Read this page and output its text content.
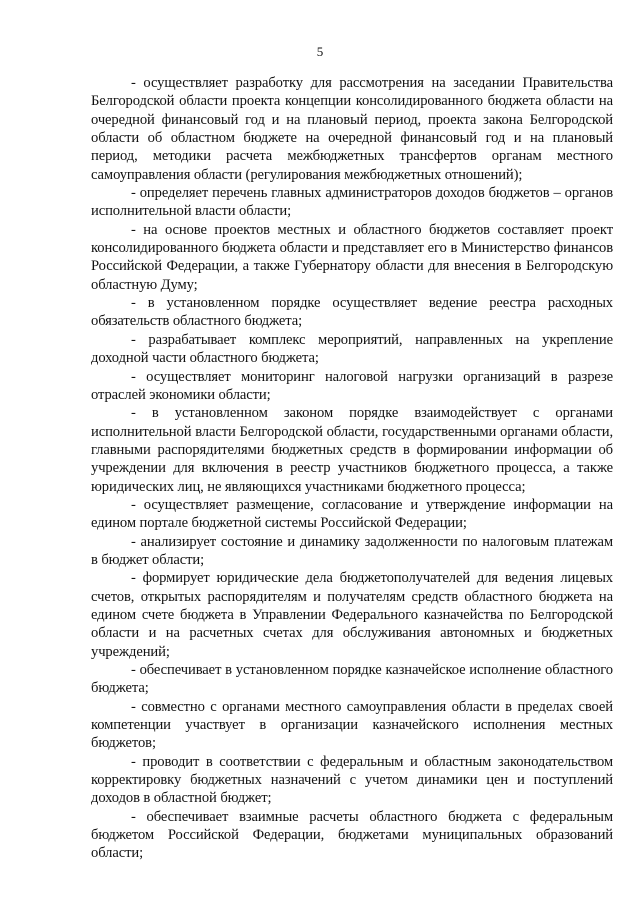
5

- осуществляет разработку для рассмотрения на заседании Правительства Белгородской области проекта концепции консолидированного бюджета области на очередной финансовый год и на плановый период, проекта закона Белгородской области об областном бюджете на очередной финансовый год и на плановый период, методики расчета межбюджетных трансфертов органам местного самоуправления области (регулирования межбюджетных отношений);

- определяет перечень главных администраторов доходов бюджетов – органов исполнительной власти области;

- на основе проектов местных и областного бюджетов составляет проект консолидированного бюджета области и представляет его в Министерство финансов Российской Федерации, а также Губернатору области для внесения в Белгородскую областную Думу;

- в установленном порядке осуществляет ведение реестра расходных обязательств областного бюджета;

- разрабатывает комплекс мероприятий, направленных на укрепление доходной части областного бюджета;

- осуществляет мониторинг налоговой нагрузки организаций в разрезе отраслей экономики области;

- в установленном законом порядке взаимодействует с органами исполнительной власти Белгородской области, государственными органами области, главными распорядителями бюджетных средств в формировании информации об учреждении для включения в реестр участников бюджетного процесса, а также юридических лиц, не являющихся участниками бюджетного процесса;

- осуществляет размещение, согласование и утверждение информации на едином портале бюджетной системы Российской Федерации;

- анализирует состояние и динамику задолженности по налоговым платежам в бюджет области;

- формирует юридические дела бюджетополучателей для ведения лицевых счетов, открытых распорядителям и получателям средств областного бюджета на едином счете бюджета в Управлении Федерального казначейства по Белгородской области и на расчетных счетах для обслуживания автономных и бюджетных учреждений;

- обеспечивает в установленном порядке казначейское исполнение областного бюджета;

- совместно с органами местного самоуправления области в пределах своей компетенции участвует в организации казначейского исполнения местных бюджетов;

- проводит в соответствии с федеральным и областным законодательством корректировку бюджетных назначений с учетом динамики цен и поступлений доходов в областной бюджет;

- обеспечивает взаимные расчеты областного бюджета с федеральным бюджетом Российской Федерации, бюджетами муниципальных образований области;
